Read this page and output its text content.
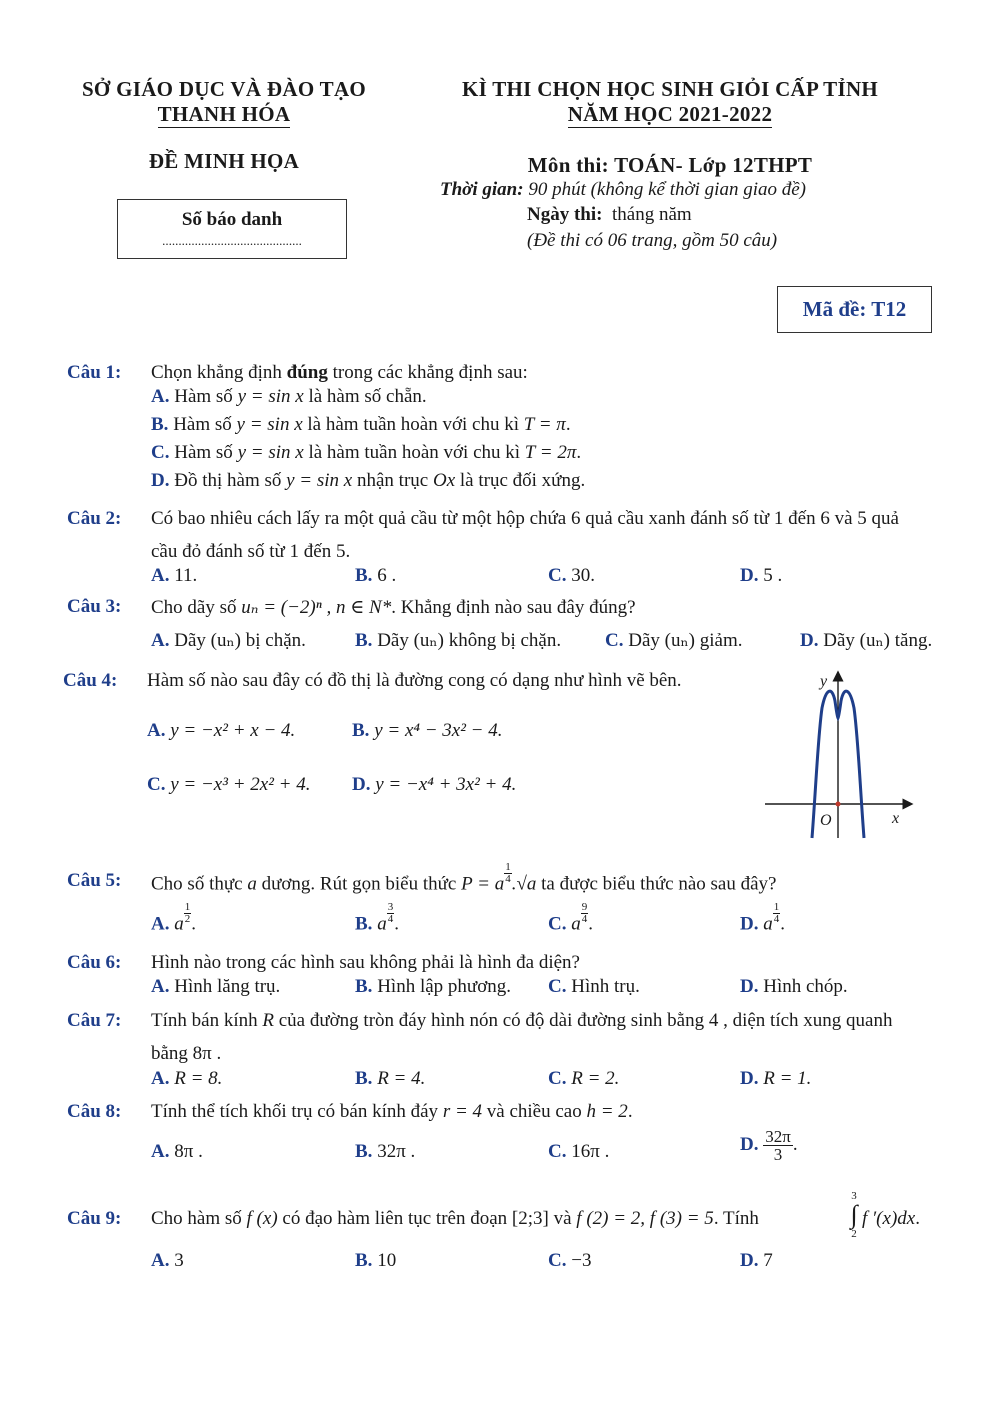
SỞ GIÁO DỤC VÀ ĐÀO TẠO
THANH HÓA
KÌ THI CHỌN HỌC SINH GIỎI CẤP TỈNH
NĂM HỌC 2021-2022
ĐỀ MINH HỌA	Môn thi: TOÁN- Lớp 12THPT
Thời gian: 90 phút (không kể thời gian giao đề)
Ngày thi: tháng năm
(Đề thi có 06 trang, gồm 50 câu)
Số báo danh
...........................................
Mã đề: T12
Câu 1: Chọn khẳng định đúng trong các khẳng định sau:
A. Hàm số y = sin x là hàm số chẵn.
B. Hàm số y = sin x là hàm tuần hoàn với chu kì T = π.
C. Hàm số y = sin x là hàm tuần hoàn với chu kì T = 2π.
D. Đồ thị hàm số y = sin x nhận trục Ox là trục đối xứng.
Câu 2: Có bao nhiêu cách lấy ra một quả cầu từ một hộp chứa 6 quả cầu xanh đánh số từ 1 đến 6 và 5 quả
cầu đỏ đánh số từ 1 đến 5.
A. 11.	B. 6 .	C. 30.	D. 5 .
Câu 3: Cho dãy số uₙ = (−2)ⁿ , n ∈ N*. Khẳng định nào sau đây đúng?
A. Dãy (uₙ) bị chặn.	B. Dãy (uₙ) không bị chặn. C. Dãy (uₙ) giảm.	D. Dãy (uₙ) tăng.
Câu 4: Hàm số nào sau đây có đồ thị là đường cong có dạng như hình vẽ bên.
A. y = −x² + x − 4.	B. y = x⁴ − 3x² − 4.
C. y = −x³ + 2x² + 4. D. y = −x⁴ + 3x² + 4.
y
x
O
Câu 5: Cho số thực a dương. Rút gọn biểu thức P = a $\frac{1}{4} .√a$ ta được biểu thức nào sau đây?
A. a $\frac{1}{2}$ .	B. a $\frac{3}{4}$ .	C. a $\frac{9}{4}$ .	D. a $\frac{1}{4}$ .
Câu 6: Hình nào trong các hình sau không phải là hình đa diện?
A. Hình lăng trụ.	B. Hình lập phương. C. Hình trụ.	D. Hình chóp.
Câu 7: Tính bán kính R của đường tròn đáy hình nón có độ dài đường sinh bằng 4 , diện tích xung quanh
bằng 8π .
A. R = 8.	B. R = 4.	C. R = 2.	D. R = 1.
Câu 8: Tính thể tích khối trụ có bán kính đáy r = 4 và chiều cao h = 2.
A. 8π .	B. 32π .	C. 16π .	D. $\frac{32\pi}{3}$ .
Câu 9: Cho hàm số f (x) có đạo hàm liên tục trên đoạn [2;3] và f (2) = 2, f (3) = 5. Tính
3
∫
2
f ′(x)dx.
A. 3	B. 10	C. −3	D. 7
